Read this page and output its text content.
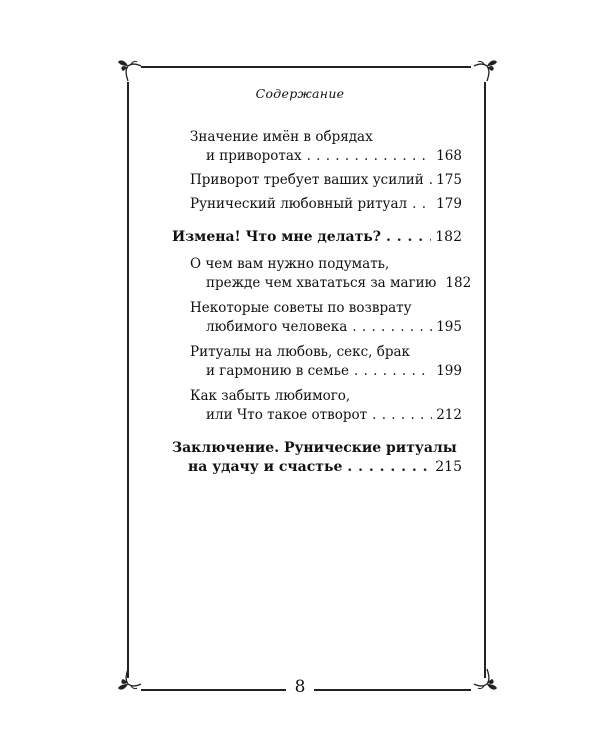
Содержание
Значение имён в обрядах
и приворотах . . .	168
Приворот требует ваших усилий . . . 175
Рунический любовный ритуал . . . 179
Измена! Что мне делать? . . .	182
О чем вам нужно подумать,
прежде чем хвататься за магию 182
Некоторые советы по возврату
любимого человека . . .	195
Ритуалы на любовь, секс, брак
и гармонию в семье . . .	199
Как забыть любимого,
или Что такое отворот . . .	212
Заключение. Рунические ритуалы
на удачу и счастье . . .	215
8
